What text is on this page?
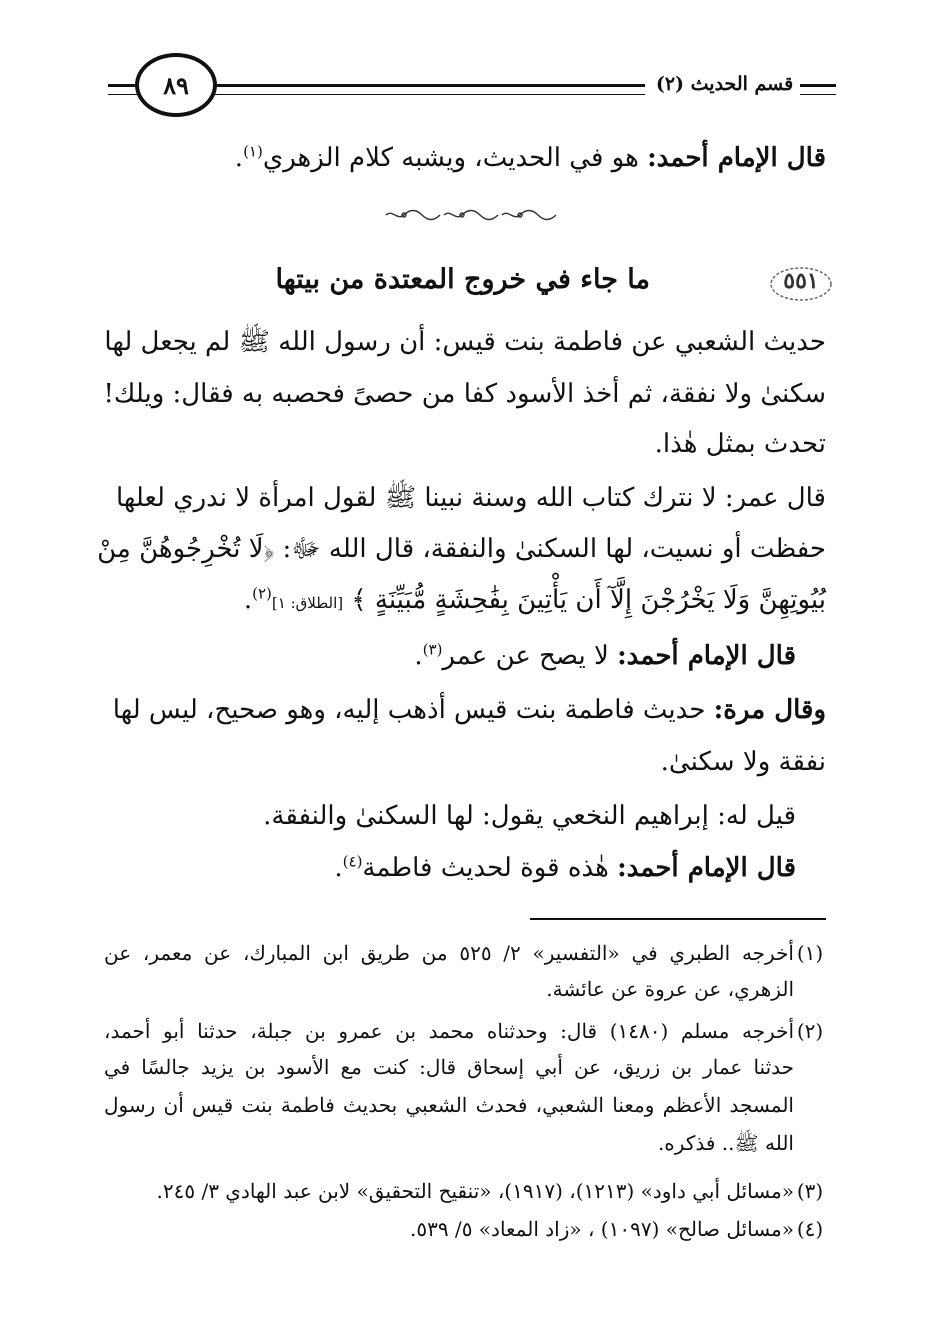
قسم الحديث (٢)
٨٩
قال الإمام أحمد: هو في الحديث، ويشبه كلام الزهري$^{(١)}$.
٥٥١
ما جاء في خروج المعتدة من بيتها
حديث الشعبي عن فاطمة بنت قيس: أن رسول الله ﷺ لم يجعل لها
سكنىٰ ولا نفقة، ثم أخذ الأسود كفا من حصىً فحصبه به فقال: ويلك!
تحدث بمثل هٰذا.
قال عمر: لا نترك كتاب الله وسنة نبينا ﷺ لقول امرأة لا ندري لعلها
حفظت أو نسيت، لها السكنىٰ والنفقة، قال الله ﷻ: ﴿لَا تُخْرِجُوهُنَّ مِنْ
بُيُوتِهِنَّ وَلَا يَخْرُجْنَ إِلَّآ أَن يَأْتِينَ بِفَٰحِشَةٍ مُّبَيِّنَةٍ ﴾ [الطلاق: ١]$^{(٢)}$.
قال الإمام أحمد: لا يصح عن عمر$^{(٣)}$.
وقال مرة: حديث فاطمة بنت قيس أذهب إليه، وهو صحيح، ليس لها
نفقة ولا سكنىٰ.
قيل له: إبراهيم النخعي يقول: لها السكنىٰ والنفقة.
قال الإمام أحمد: هٰذه قوة لحديث فاطمة$^{(٤)}$.
(١)
أخرجه الطبري في «التفسير» ٢/ ٥٢٥ من طريق ابن المبارك، عن معمر، عن
الزهري، عن عروة عن عائشة.
(٢)
أخرجه مسلم (١٤٨٠) قال: وحدثناه محمد بن عمرو بن جبلة، حدثنا أبو أحمد،
حدثنا عمار بن زريق، عن أبي إسحاق قال: كنت مع الأسود بن يزيد جالسًا في
المسجد الأعظم ومعنا الشعبي، فحدث الشعبي بحديث فاطمة بنت قيس أن رسول
الله ﷺ.. فذكره.
(٣)
«مسائل أبي داود» (١٢١٣)، (١٩١٧)، «تنقيح التحقيق» لابن عبد الهادي ٣/ ٢٤٥.
(٤)
«مسائل صالح» (١٠٩٧) ، «زاد المعاد» ٥/ ٥٣٩.
